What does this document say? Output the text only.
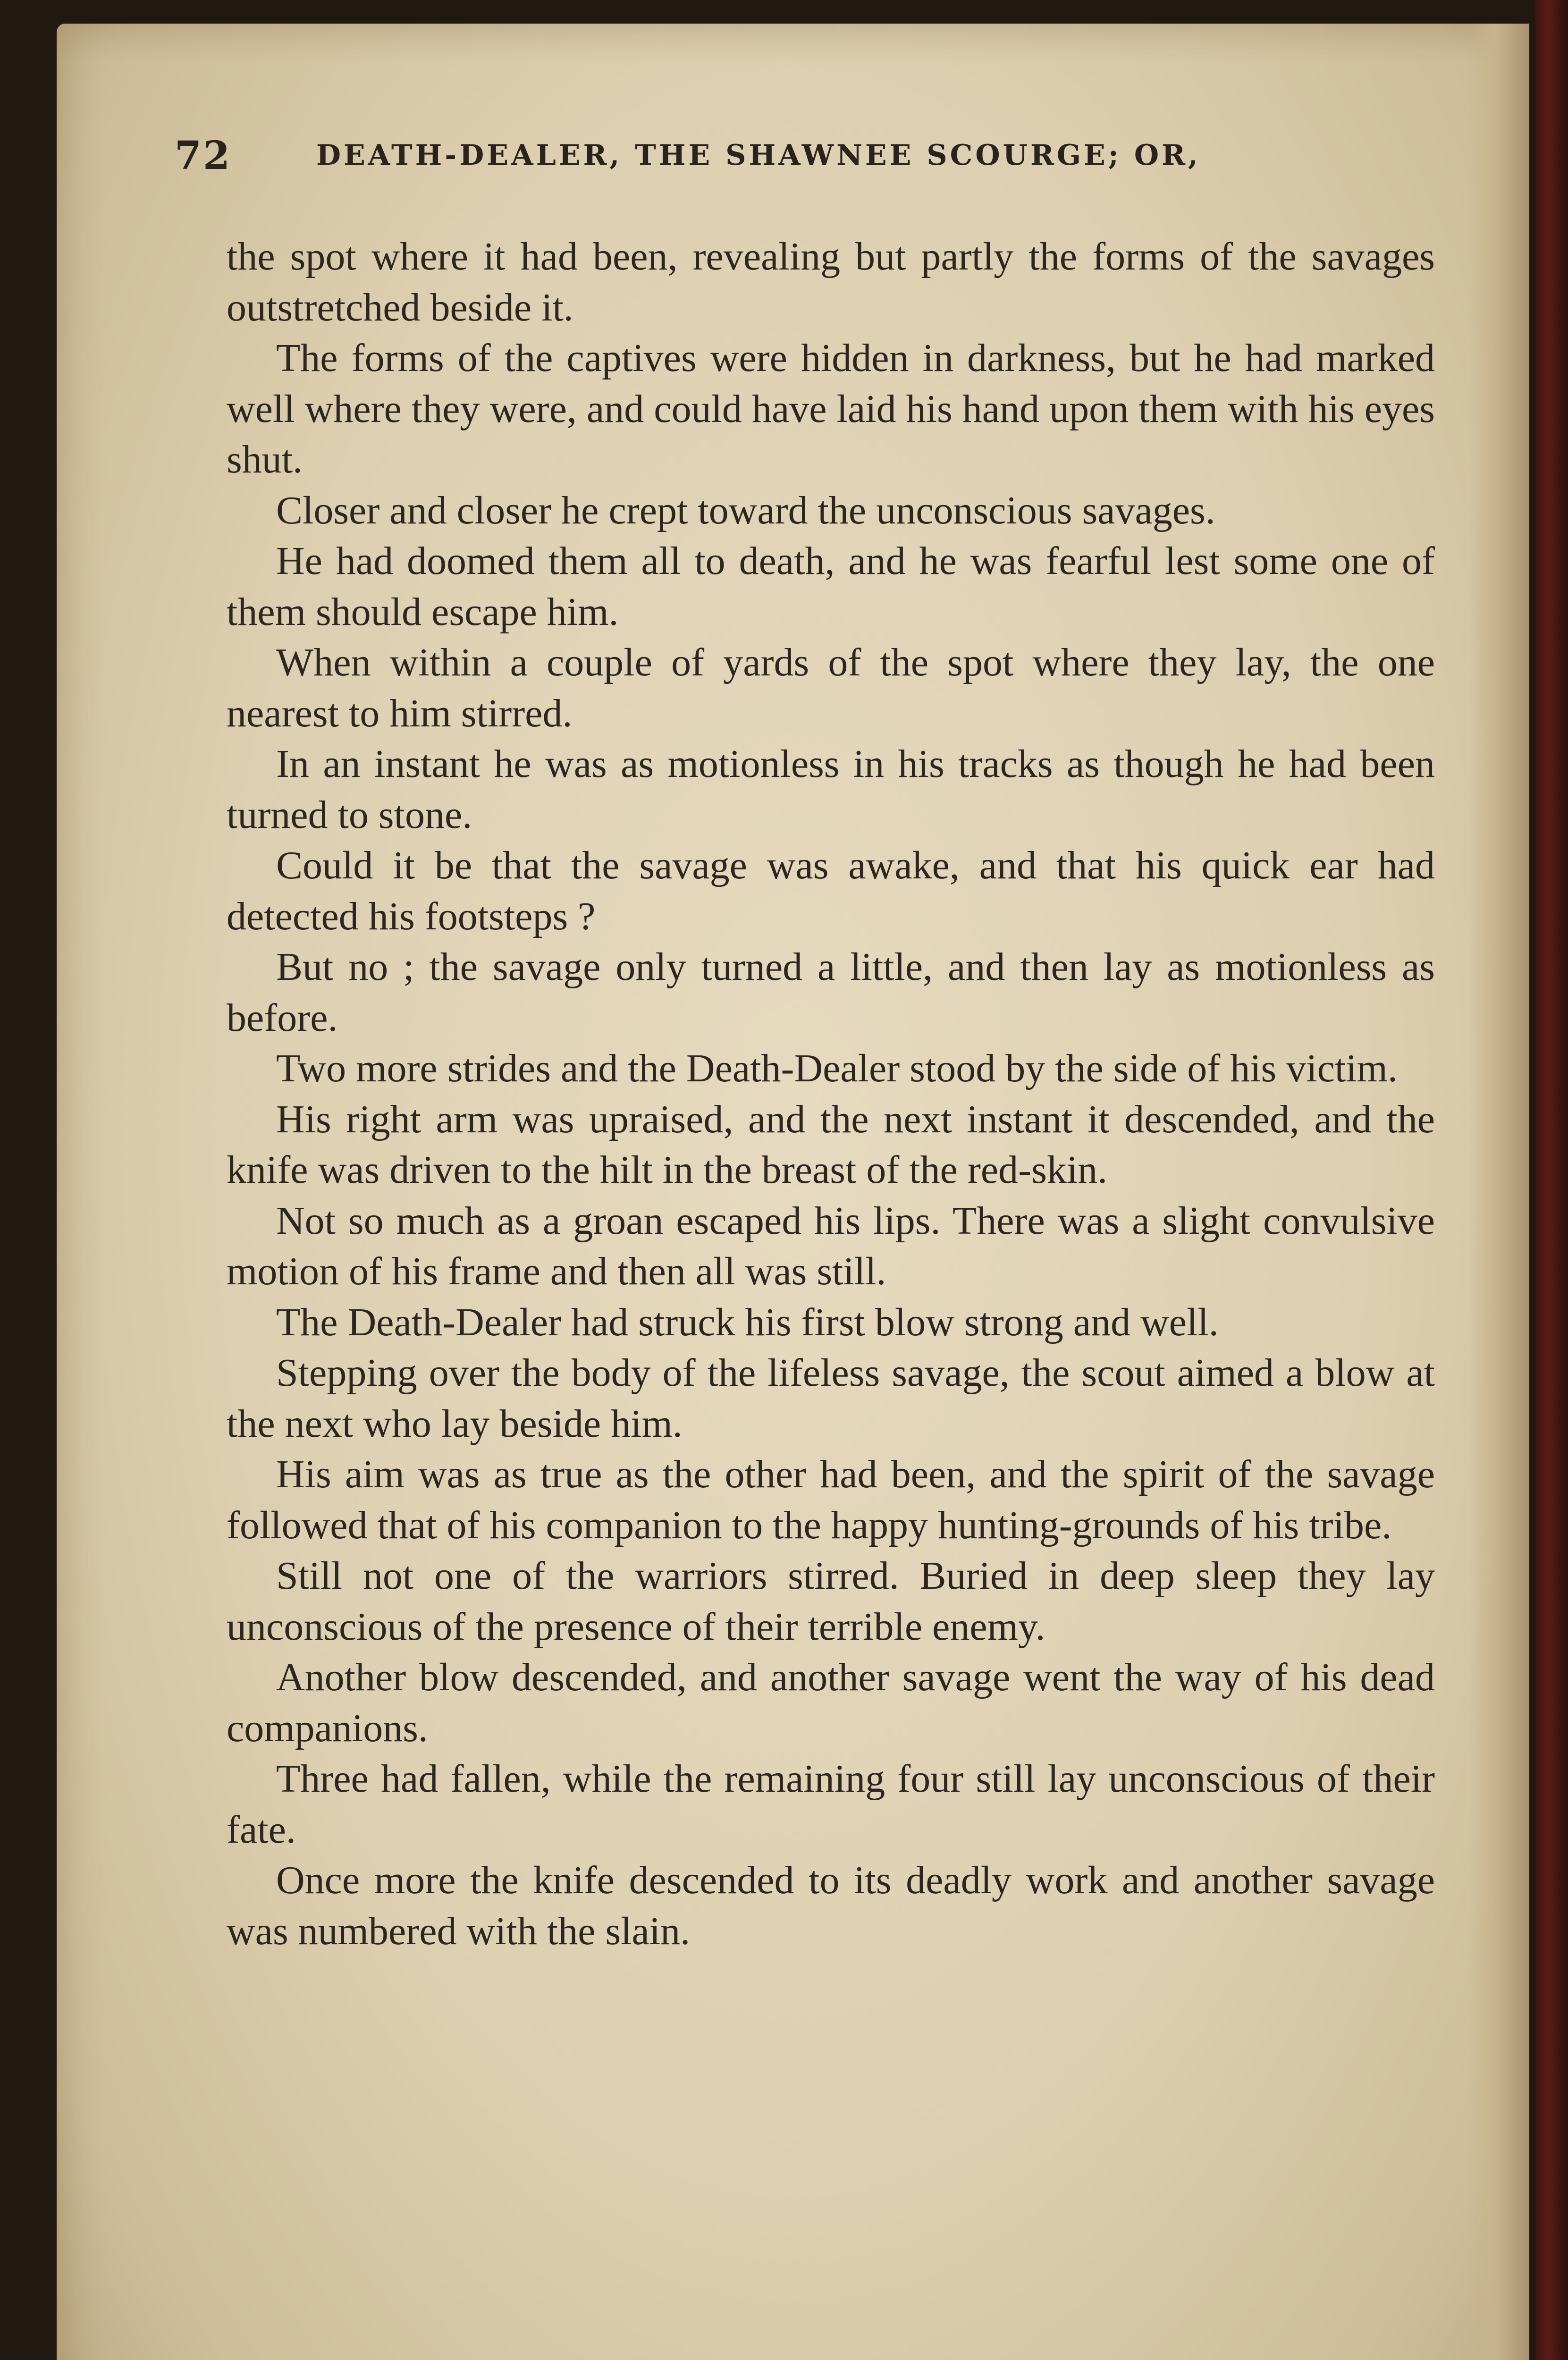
72	DEATH-DEALER, THE SHAWNEE SCOURGE; OR,

the spot where it had been, revealing but partly the forms of the savages outstretched beside it.

The forms of the captives were hidden in darkness, but he had marked well where they were, and could have laid his hand upon them with his eyes shut.

Closer and closer he crept toward the unconscious savages.

He had doomed them all to death, and he was fearful lest some one of them should escape him.

When within a couple of yards of the spot where they lay, the one nearest to him stirred.

In an instant he was as motionless in his tracks as though he had been turned to stone.

Could it be that the savage was awake, and that his quick ear had detected his footsteps ?

But no ; the savage only turned a little, and then lay as motionless as before.

Two more strides and the Death-Dealer stood by the side of his victim.

His right arm was upraised, and the next instant it descended, and the knife was driven to the hilt in the breast of the red-skin.

Not so much as a groan escaped his lips. There was a slight convulsive motion of his frame and then all was still.

The Death-Dealer had struck his first blow strong and well.

Stepping over the body of the lifeless savage, the scout aimed a blow at the next who lay beside him.

His aim was as true as the other had been, and the spirit of the savage followed that of his companion to the happy hunting-grounds of his tribe.

Still not one of the warriors stirred. Buried in deep sleep they lay unconscious of the presence of their terrible enemy.

Another blow descended, and another savage went the way of his dead companions.

Three had fallen, while the remaining four still lay unconscious of their fate.

Once more the knife descended to its deadly work and another savage was numbered with the slain.
